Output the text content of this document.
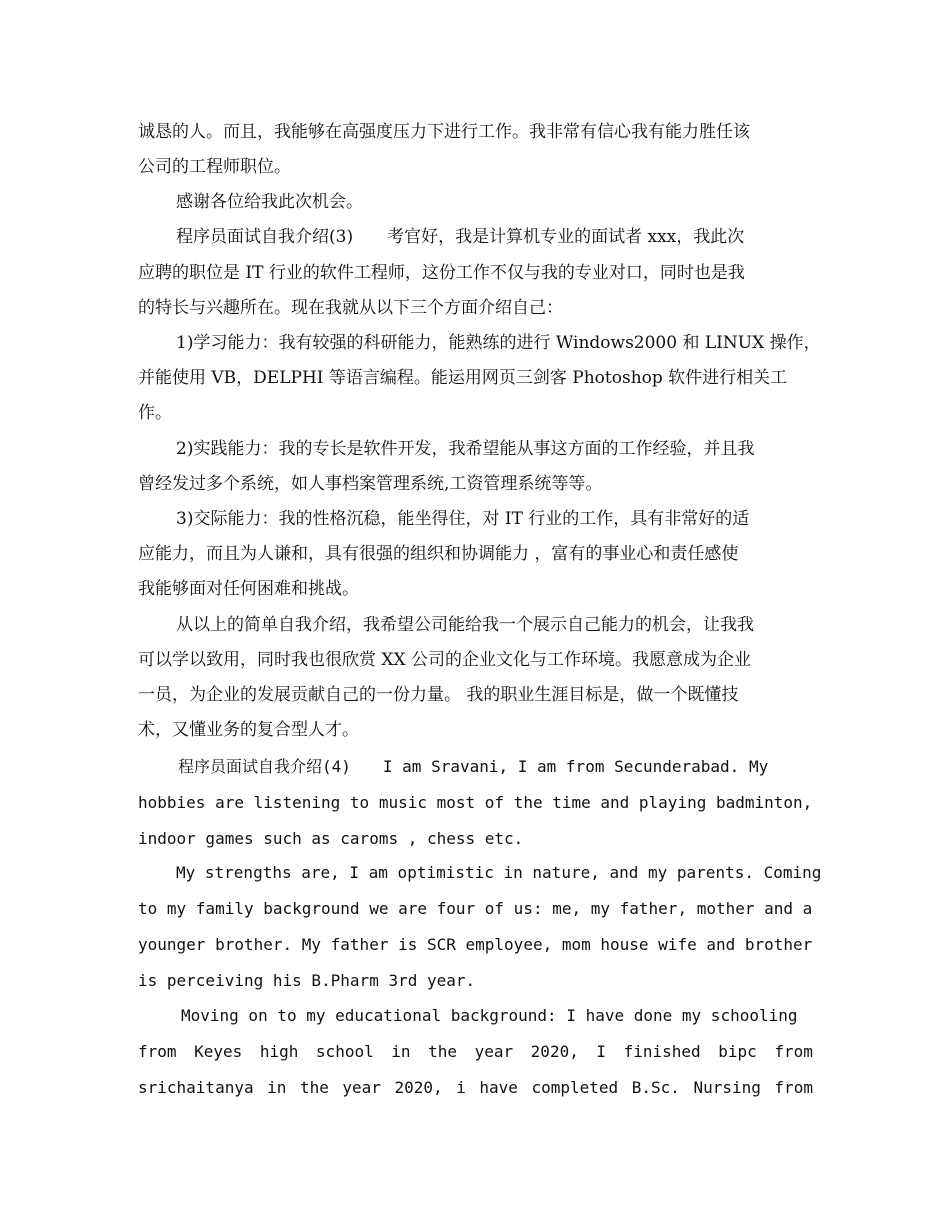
诚恳的人。而且，我能够在高强度压力下进行工作。我非常有信心我有能力胜任该
公司的工程师职位。
感谢各位给我此次机会。
程序员面试自我介绍(3)　　考官好，我是计算机专业的面试者 xxx，我此次
应聘的职位是 IT 行业的软件工程师，这份工作不仅与我的专业对口，同时也是我
的特长与兴趣所在。现在我就从以下三个方面介绍自己：
1)学习能力：我有较强的科研能力，能熟练的进行 Windows2000 和 LINUX 操作，
并能使用 VB，DELPHI 等语言编程。能运用网页三剑客 Photoshop 软件进行相关工
作。
2)实践能力：我的专长是软件开发，我希望能从事这方面的工作经验，并且我
曾经发过多个系统，如人事档案管理系统,工资管理系统等等。
3)交际能力：我的性格沉稳，能坐得住，对 IT 行业的工作，具有非常好的适
应能力，而且为人谦和，具有很强的组织和协调能力 ，富有的事业心和责任感使
我能够面对任何困难和挑战。
从以上的简单自我介绍，我希望公司能给我一个展示自己能力的机会，让我我
可以学以致用，同时我也很欣赏 XX 公司的企业文化与工作环境。我愿意成为企业
一员，为企业的发展贡献自己的一份力量。 我的职业生涯目标是，做一个既懂技
术，又懂业务的复合型人才。
程序员面试自我介绍(4)　　I am Sravani, I am from Secunderabad. My
hobbies are listening to music most of the time and playing badminton,
indoor games such as caroms , chess etc.
My strengths are, I am optimistic in nature, and my parents. Coming
to my family background we are four of us: me, my father, mother and a
younger brother. My father is SCR employee, mom house wife and brother
is perceiving his B.Pharm 3rd year.
Moving on to my educational background: I have done my schooling
from Keyes high school in the year 2020, I finished bipc from
srichaitanya in the year 2020, i have completed B.Sc. Nursing from
